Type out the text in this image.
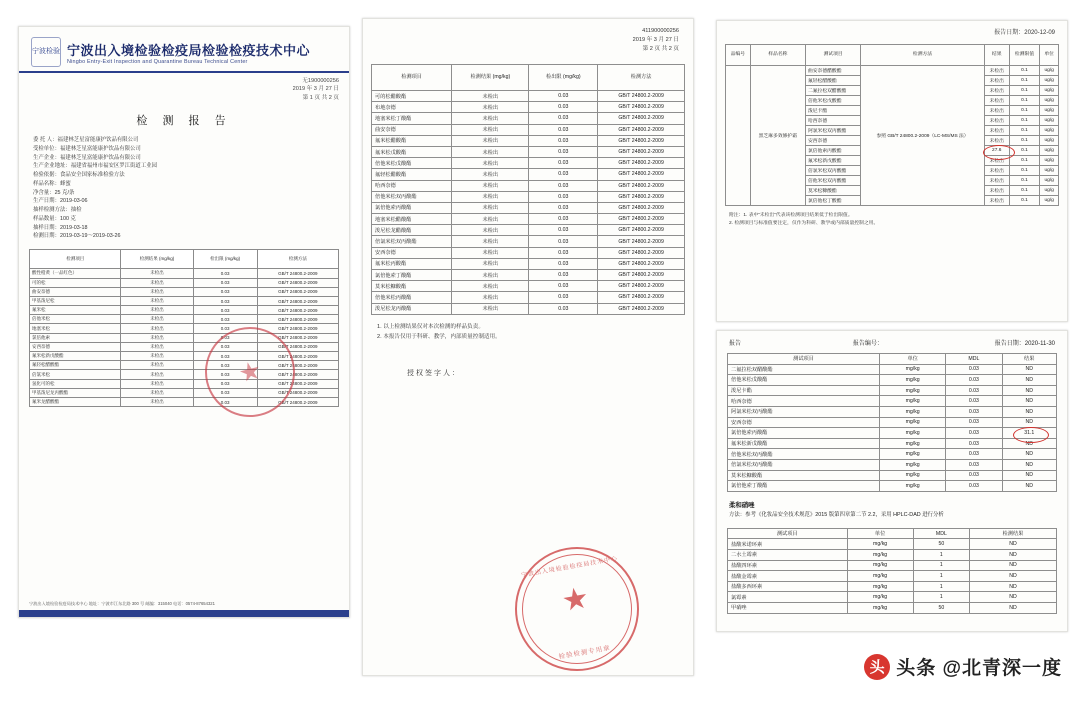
宁波检验 宁波出入境检验检疫局检验检疫技术中心
Ningbo Entry-Exit Inspection and Quarantine Bureau Technical Center
无1900000256
2019 年 3 月 27 日
第 1 页 共 2 页
检 测 报 告
委 托 人：福建林芝星富能康护饮品有限公司
受检单位：福建林芝星富能康护饮品有限公司
生产企业：福建林芝星富能康护饮品有限公司
生产企业地址：福建省福州市福安区罗江街道工业园
检验依据：食品安全国家标准检验方法
样品名称：蜂蜜
净含量：25 克/条
生产日期：2019-03-06
抽样检测方法：抽检
样品数量：100 克
抽样日期：2019-03-18
检测日期：2019-03-19～2019-03-26
检测项目	检测结果 (mg/kg)	检出限 (mg/kg)	检测方法
酸性橙黄（一品红色）	未检出	0.03	GB/T 24800.2-2009
可的松	未检出	0.03	GB/T 24800.2-2009
曲安奈德	未检出	0.03	GB/T 24800.2-2009
甲基泼尼松	未检出	0.03	GB/T 24800.2-2009
氟米松	未检出	0.03	GB/T 24800.2-2009
倍他米松	未检出	0.03	GB/T 24800.2-2009
地塞米松	未检出	0.03	GB/T 24800.2-2009
氯倍他索	未检出	0.03	GB/T 24800.2-2009
安西奈德	未检出	0.03	GB/T 24800.2-2009
氟米松新戊酸酯	未检出	0.03	GB/T 24800.2-2009
氟轻松醋酸酯	未检出	0.03	GB/T 24800.2-2009
倍氯米松	未检出	0.03	GB/T 24800.2-2009
氢化可的松	未检出	0.03	GB/T 24800.2-2009
甲基泼尼龙丙酸酯	未检出	0.03	GB/T 24800.2-2009
氟米龙醋酸酯	未检出	0.03	GB/T 24800.2-2009
宁波出入境检验检疫局技术中心 地址：宁波市江东北路 300 号 邮编：315040 电话：0574-87654321
411900000256
2019 年 3 月 27 日
第 2 页 共 2 页
检测项目	检测结果 (mg/kg)	检出限 (mg/kg)	检测方法
可的松醋酸酯	未检出	0.03	GB/T 24800.2-2009
布地奈德	未检出	0.03	GB/T 24800.2-2009
地塞米松丁酸酯	未检出	0.03	GB/T 24800.2-2009
曲安奈德	未检出	0.03	GB/T 24800.2-2009
氟米松醋酸酯	未检出	0.03	GB/T 24800.2-2009
氟米松戊酸酯	未检出	0.03	GB/T 24800.2-2009
倍他米松戊酸酯	未检出	0.03	GB/T 24800.2-2009
氟轻松醋酸酯	未检出	0.03	GB/T 24800.2-2009
哈西奈德	未检出	0.03	GB/T 24800.2-2009
倍他米松双丙酸酯	未检出	0.03	GB/T 24800.2-2009
氯倍他索丙酸酯	未检出	0.03	GB/T 24800.2-2009
地塞米松醋酸酯	未检出	0.03	GB/T 24800.2-2009
泼尼松龙醋酸酯	未检出	0.03	GB/T 24800.2-2009
倍氯米松双丙酸酯	未检出	0.03	GB/T 24800.2-2009
安西奈德	未检出	0.03	GB/T 24800.2-2009
氟米松丙酸酯	未检出	0.03	GB/T 24800.2-2009
氯倍他索丁酸酯	未检出	0.03	GB/T 24800.2-2009
莫米松糠酸酯	未检出	0.03	GB/T 24800.2-2009
倍他米松丙酸酯	未检出	0.03	GB/T 24800.2-2009
泼尼松龙丙酸酯	未检出	0.03	GB/T 24800.2-2009
1. 以上检测结果仅对本次检测的样品负责。
2. 本报告仅用于科研、教学，内部质量控制适用。
授权签字人：
宁波出入境检验检疫局技术中心
检验检测专用章
报告日期：2020-12-09
品编号	样品名称	测试项目	检测方法	结果	检测限值	单位
	黑芝麻多效修护霜	曲安奈德醋酸酯	参照 GB/T 24800.2-2009（LC-MS/MS 法）	未检出	0.1	ug/g
		氟轻松醋酸酯		未检出	0.1	ug/g
		二氟拉松双醋酸酯		未检出	0.1	ug/g
		倍他米松戊酸酯		未检出	0.1	ug/g
		泼尼卡酯		未检出	0.1	ug/g
		哈西奈德		未检出	0.1	ug/g
		阿氯米松双丙酸酯		未检出	0.1	ug/g
		安西奈德		未检出	0.1	ug/g
		氯倍他索丙酸酯		27.6	0.1	ug/g
		氟米松新戊酸酯		未检出	0.1	ug/g
		倍氯米松双丙酸酯		未检出	0.1	ug/g
		倍他米松双丙酸酯		未检出	0.1	ug/g
		莫米松糠酸酯		未检出	0.1	ug/g
		氯倍他松丁酸酯		未检出	0.1	ug/g
附注：1. 表中“未检出”代表该检测项目结果低于检出限值。
2. 检测项目与标准值要注定，仅作为科研、教学或内部质量控制之用。
报告	报告编号：	报告日期：2020-11-30
测试项目	单位	MDL	结果
二氟拉松双醋酸酯	mg/kg	0.03	ND
倍他米松戊酸酯	mg/kg	0.03	ND
泼尼卡酯	mg/kg	0.03	ND
哈西奈德	mg/kg	0.03	ND
阿氯米松双丙酸酯	mg/kg	0.03	ND
安西奈德	mg/kg	0.03	ND
氯倍他索丙酸酯	mg/kg	0.03	31.1
氟米松新戊酸酯	mg/kg	0.03	ND
倍他米松双丙酸酯	mg/kg	0.03	ND
倍氯米松双丙酸酯	mg/kg	0.03	ND
莫米松糠酸酯	mg/kg	0.03	ND
氯倍他索丁酸酯	mg/kg	0.03	ND
柔和硝唑
方法：参考《化妆品安全技术规范》2015 版第四章第二节 2.2，采用 HPLC-DAD 进行分析
测试项目	单位	MDL	检测结果
盐酸米诺环素	mg/kg	50	ND
二水土霉素	mg/kg	1	ND
盐酸四环素	mg/kg	1	ND
盐酸金霉素	mg/kg	1	ND
盐酸多西环素	mg/kg	1	ND
氯霉素	mg/kg	1	ND
甲硝唑	mg/kg	50	ND
头 头条 @北青深一度
